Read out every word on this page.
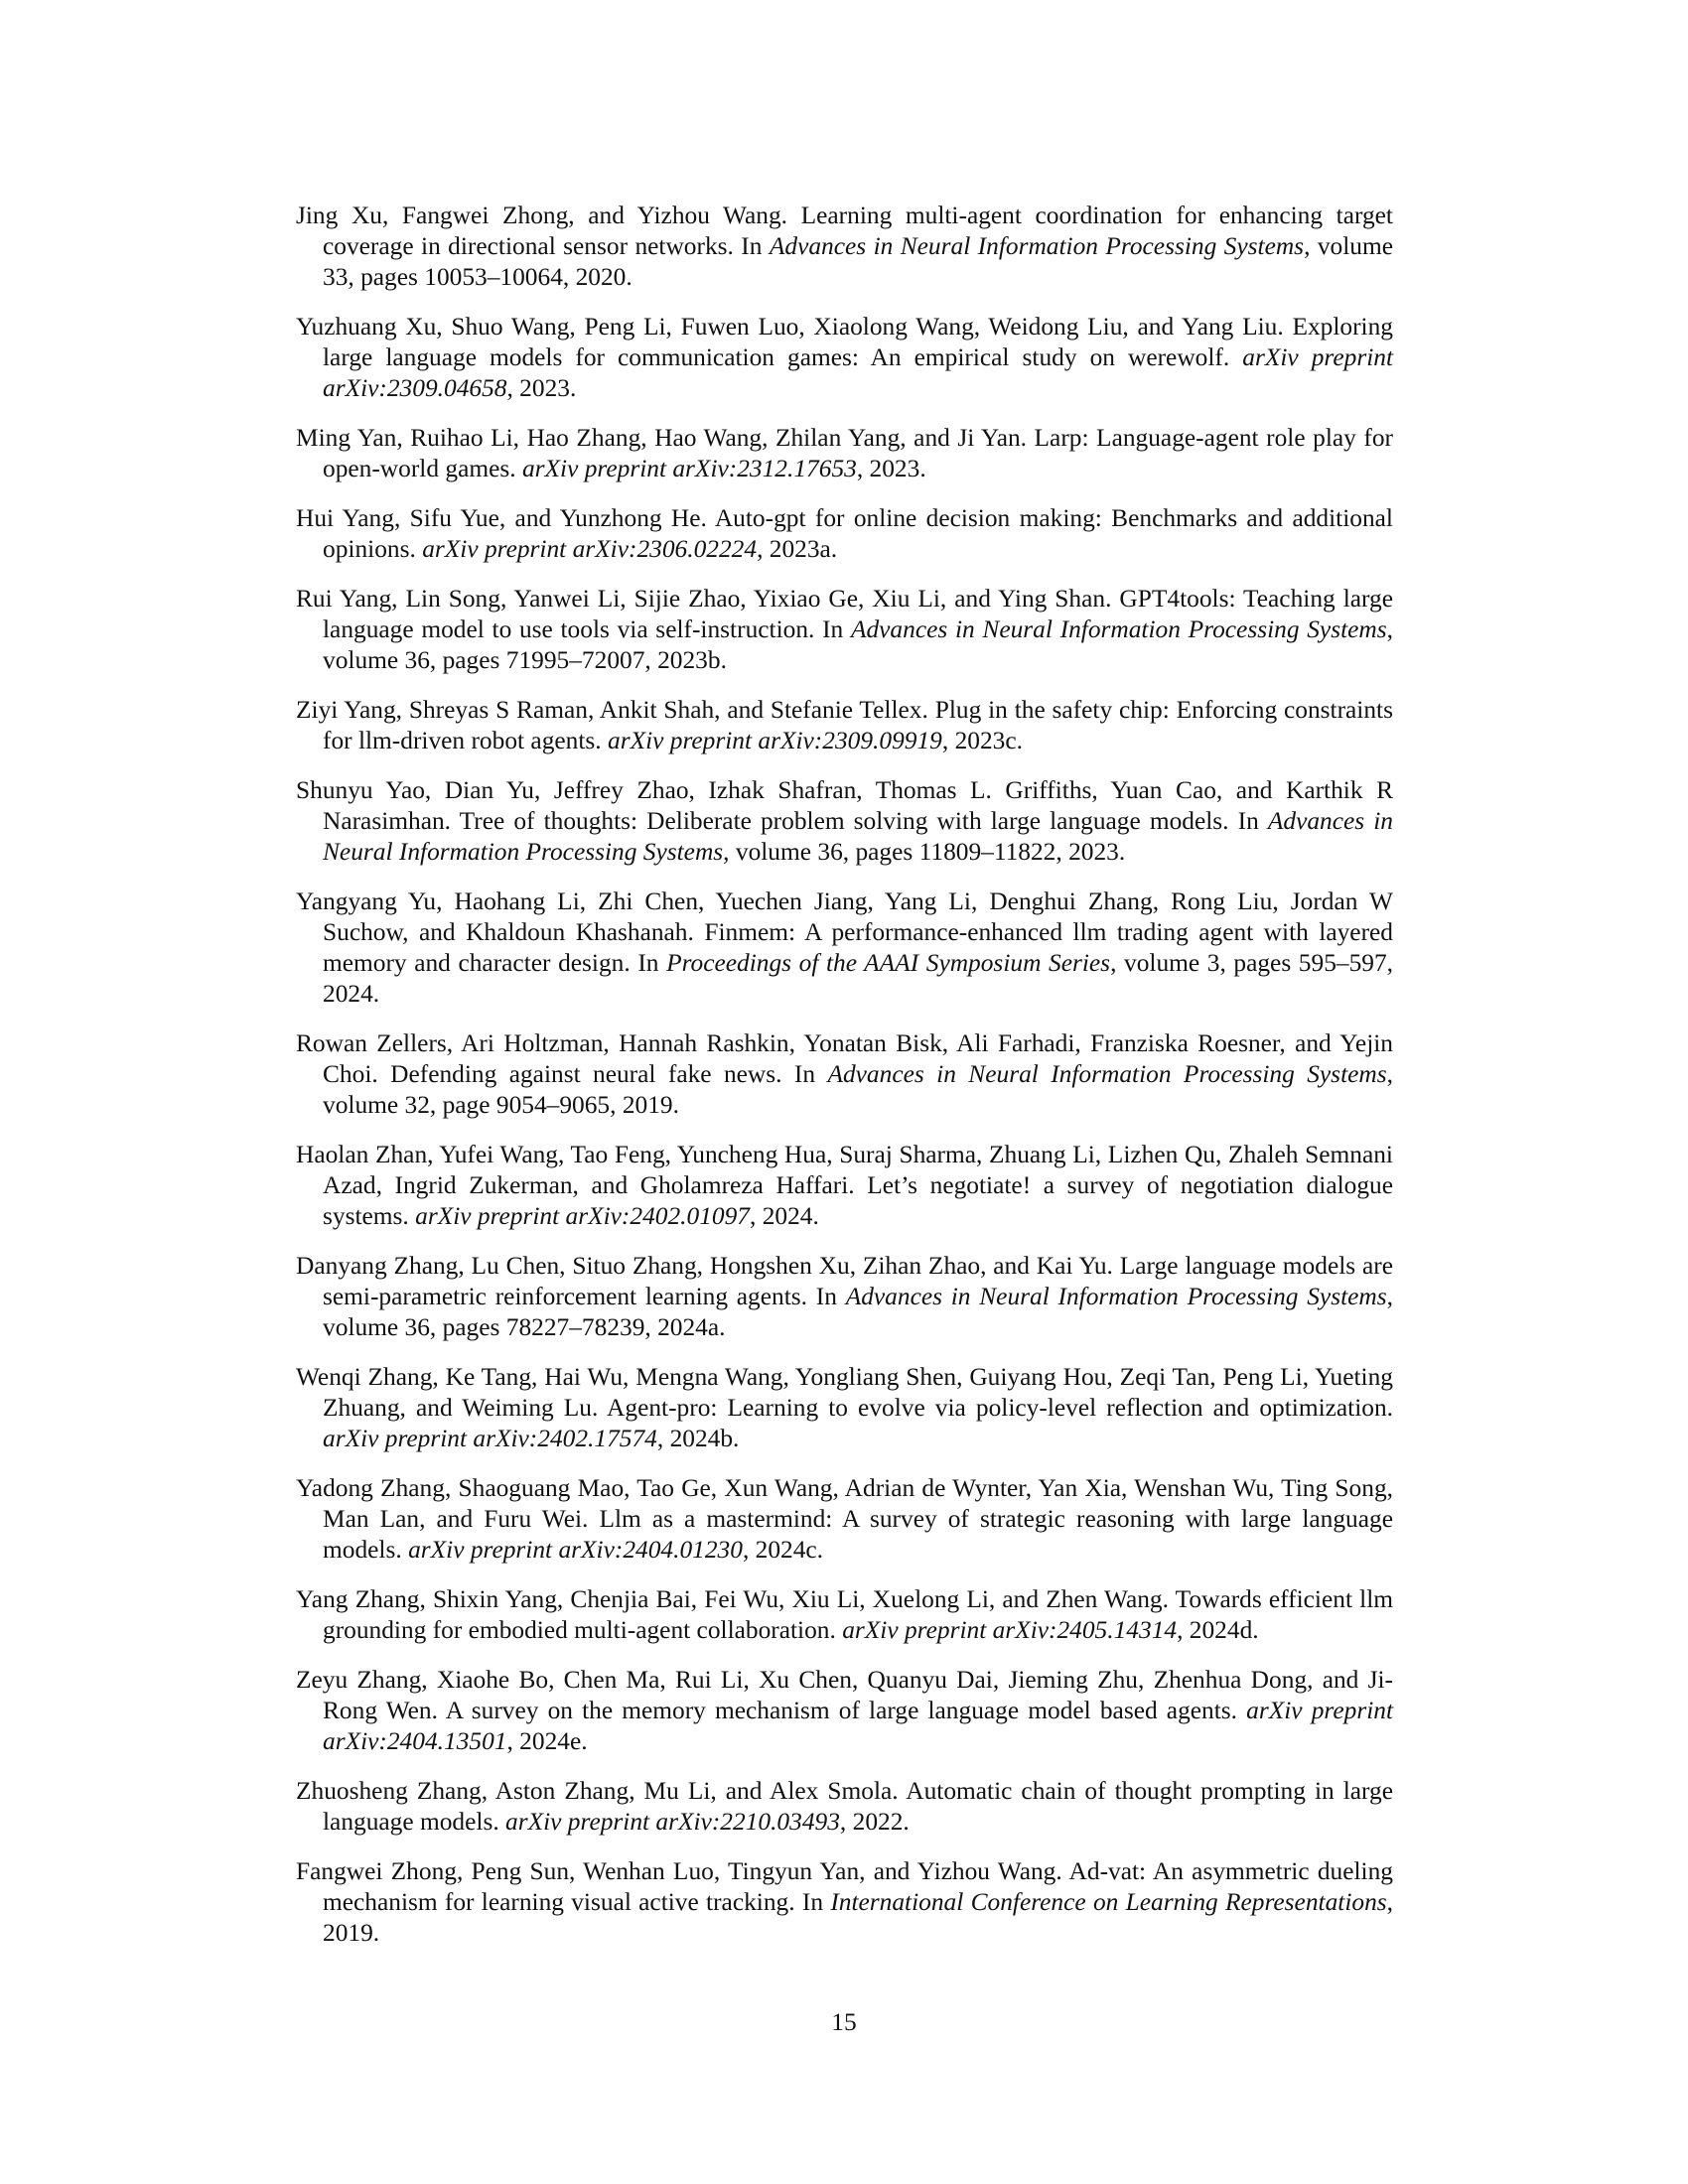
Jing Xu, Fangwei Zhong, and Yizhou Wang. Learning multi-agent coordination for enhancing target coverage in directional sensor networks. In Advances in Neural Information Processing Systems, volume 33, pages 10053–10064, 2020.

Yuzhuang Xu, Shuo Wang, Peng Li, Fuwen Luo, Xiaolong Wang, Weidong Liu, and Yang Liu. Exploring large language models for communication games: An empirical study on werewolf. arXiv preprint arXiv:2309.04658, 2023.

Ming Yan, Ruihao Li, Hao Zhang, Hao Wang, Zhilan Yang, and Ji Yan. Larp: Language-agent role play for open-world games. arXiv preprint arXiv:2312.17653, 2023.

Hui Yang, Sifu Yue, and Yunzhong He. Auto-gpt for online decision making: Benchmarks and additional opinions. arXiv preprint arXiv:2306.02224, 2023a.

Rui Yang, Lin Song, Yanwei Li, Sijie Zhao, Yixiao Ge, Xiu Li, and Ying Shan. GPT4tools: Teaching large language model to use tools via self-instruction. In Advances in Neural Information Processing Systems, volume 36, pages 71995–72007, 2023b.

Ziyi Yang, Shreyas S Raman, Ankit Shah, and Stefanie Tellex. Plug in the safety chip: Enforcing constraints for llm-driven robot agents. arXiv preprint arXiv:2309.09919, 2023c.

Shunyu Yao, Dian Yu, Jeffrey Zhao, Izhak Shafran, Thomas L. Griffiths, Yuan Cao, and Karthik R Narasimhan. Tree of thoughts: Deliberate problem solving with large language models. In Advances in Neural Information Processing Systems, volume 36, pages 11809–11822, 2023.

Yangyang Yu, Haohang Li, Zhi Chen, Yuechen Jiang, Yang Li, Denghui Zhang, Rong Liu, Jordan W Suchow, and Khaldoun Khashanah. Finmem: A performance-enhanced llm trading agent with layered memory and character design. In Proceedings of the AAAI Symposium Series, volume 3, pages 595–597, 2024.

Rowan Zellers, Ari Holtzman, Hannah Rashkin, Yonatan Bisk, Ali Farhadi, Franziska Roesner, and Yejin Choi. Defending against neural fake news. In Advances in Neural Information Processing Systems, volume 32, page 9054–9065, 2019.

Haolan Zhan, Yufei Wang, Tao Feng, Yuncheng Hua, Suraj Sharma, Zhuang Li, Lizhen Qu, Zhaleh Semnani Azad, Ingrid Zukerman, and Gholamreza Haffari. Let’s negotiate! a survey of negotiation dialogue systems. arXiv preprint arXiv:2402.01097, 2024.

Danyang Zhang, Lu Chen, Situo Zhang, Hongshen Xu, Zihan Zhao, and Kai Yu. Large language models are semi-parametric reinforcement learning agents. In Advances in Neural Information Processing Systems, volume 36, pages 78227–78239, 2024a.

Wenqi Zhang, Ke Tang, Hai Wu, Mengna Wang, Yongliang Shen, Guiyang Hou, Zeqi Tan, Peng Li, Yueting Zhuang, and Weiming Lu. Agent-pro: Learning to evolve via policy-level reflection and optimization. arXiv preprint arXiv:2402.17574, 2024b.

Yadong Zhang, Shaoguang Mao, Tao Ge, Xun Wang, Adrian de Wynter, Yan Xia, Wenshan Wu, Ting Song, Man Lan, and Furu Wei. Llm as a mastermind: A survey of strategic reasoning with large language models. arXiv preprint arXiv:2404.01230, 2024c.

Yang Zhang, Shixin Yang, Chenjia Bai, Fei Wu, Xiu Li, Xuelong Li, and Zhen Wang. Towards efficient llm grounding for embodied multi-agent collaboration. arXiv preprint arXiv:2405.14314, 2024d.

Zeyu Zhang, Xiaohe Bo, Chen Ma, Rui Li, Xu Chen, Quanyu Dai, Jieming Zhu, Zhenhua Dong, and Ji-Rong Wen. A survey on the memory mechanism of large language model based agents. arXiv preprint arXiv:2404.13501, 2024e.

Zhuosheng Zhang, Aston Zhang, Mu Li, and Alex Smola. Automatic chain of thought prompting in large language models. arXiv preprint arXiv:2210.03493, 2022.

Fangwei Zhong, Peng Sun, Wenhan Luo, Tingyun Yan, and Yizhou Wang. Ad-vat: An asymmetric dueling mechanism for learning visual active tracking. In International Conference on Learning Representations, 2019.

15
